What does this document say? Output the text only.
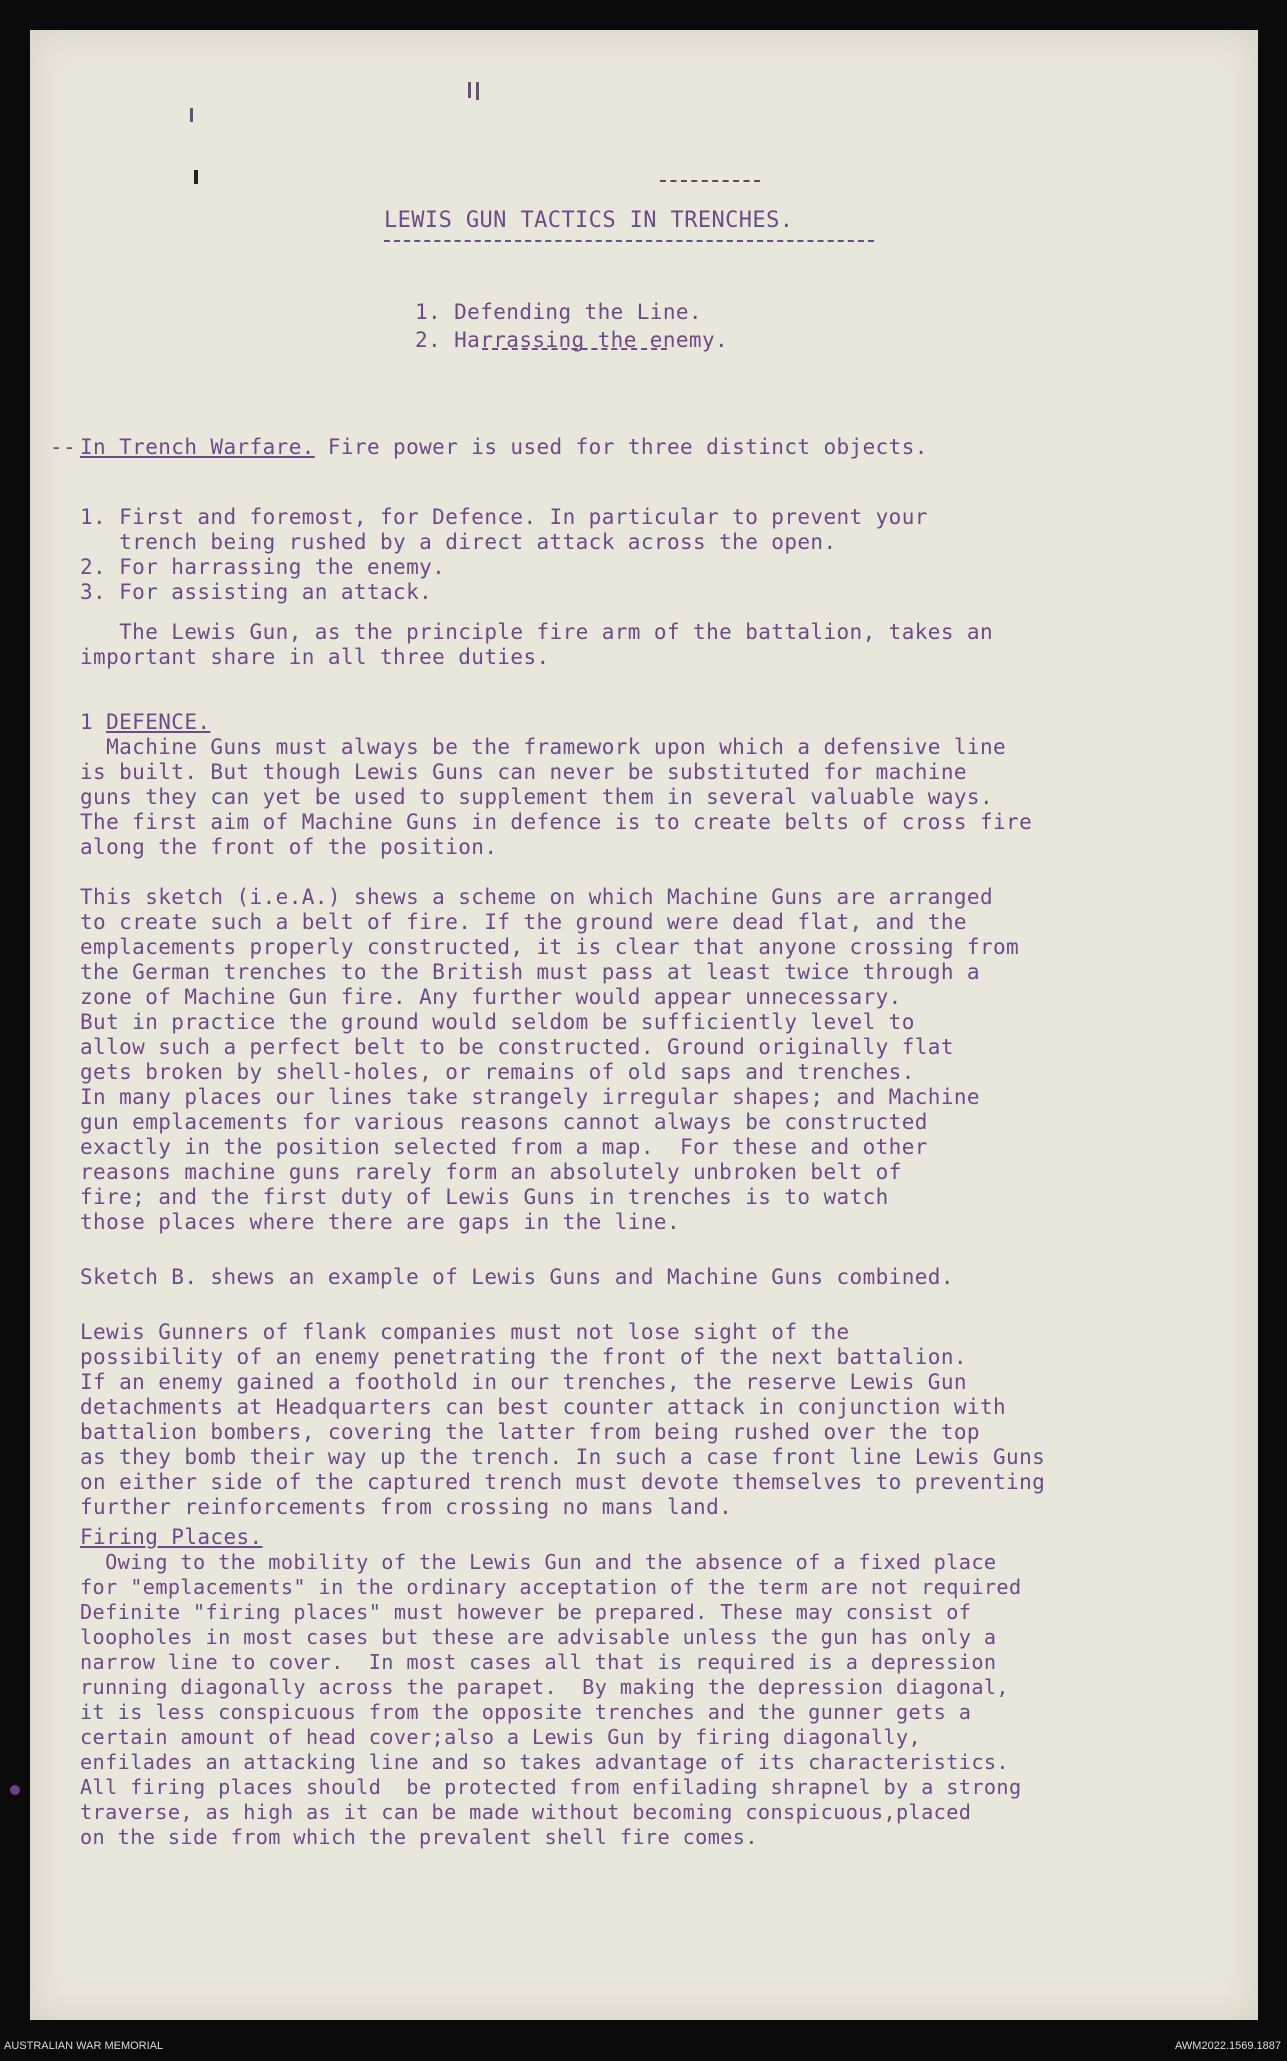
LEWIS GUN TACTICS IN TRENCHES.
1. Defending the Line.
2. Harrassing the enemy.
-- In Trench Warfare. Fire power is used for three distinct objects.
1. First and foremost, for Defence. In particular to prevent your
trench being rushed by a direct attack across the open.
2. For harrassing the enemy.
3. For assisting an attack.
The Lewis Gun, as the principle fire arm of the battalion, takes an
important share in all three duties.
1 DEFENCE.
Machine Guns must always be the framework upon which a defensive line
is built. But though Lewis Guns can never be substituted for machine
guns they can yet be used to supplement them in several valuable ways.
The first aim of Machine Guns in defence is to create belts of cross fire
along the front of the position.
This sketch (i.e.A.) shews a scheme on which Machine Guns are arranged
to create such a belt of fire. If the ground were dead flat, and the
emplacements properly constructed, it is clear that anyone crossing from
the German trenches to the British must pass at least twice through a
zone of Machine Gun fire. Any further would appear unnecessary.
But in practice the ground would seldom be sufficiently level to
allow such a perfect belt to be constructed. Ground originally flat
gets broken by shell-holes, or remains of old saps and trenches.
In many places our lines take strangely irregular shapes; and Machine
gun emplacements for various reasons cannot always be constructed
exactly in the position selected from a map.  For these and other
reasons machine guns rarely form an absolutely unbroken belt of
fire; and the first duty of Lewis Guns in trenches is to watch
those places where there are gaps in the line.
Sketch B. shews an example of Lewis Guns and Machine Guns combined.
Lewis Gunners of flank companies must not lose sight of the
possibility of an enemy penetrating the front of the next battalion.
If an enemy gained a foothold in our trenches, the reserve Lewis Gun
detachments at Headquarters can best counter attack in conjunction with
battalion bombers, covering the latter from being rushed over the top
as they bomb their way up the trench. In such a case front line Lewis Guns
on either side of the captured trench must devote themselves to preventing
further reinforcements from crossing no mans land.
Firing Places.
Owing to the mobility of the Lewis Gun and the absence of a fixed place
for "emplacements" in the ordinary acceptation of the term are not required
Definite "firing places" must however be prepared. These may consist of
loopholes in most cases but these are advisable unless the gun has only a
narrow line to cover.  In most cases all that is required is a depression
running diagonally across the parapet.  By making the depression diagonal,
it is less conspicuous from the opposite trenches and the gunner gets a
certain amount of head cover;also a Lewis Gun by firing diagonally,
enfilades an attacking line and so takes advantage of its characteristics.
All firing places should  be protected from enfilading shrapnel by a strong
traverse, as high as it can be made without becoming conspicuous,placed
on the side from which the prevalent shell fire comes.
AUSTRALIAN WAR MEMORIAL	AWM2022.1569.1887
